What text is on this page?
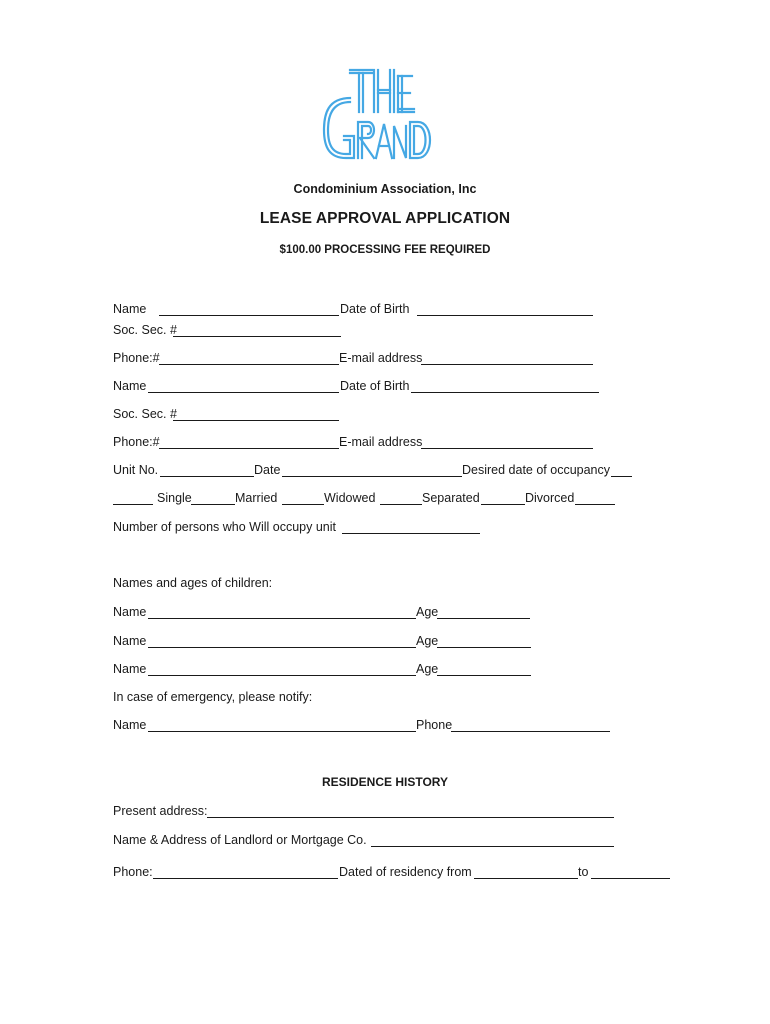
Condominium Association, Inc
LEASE APPROVAL APPLICATION
$100.00 PROCESSING FEE REQUIRED
Name	Date of Birth
Soc. Sec. #
Phone:#	E-mail address
Name	Date of Birth
Soc. Sec. #
Phone:#	E-mail address
Unit No.	Date	Desired date of occupancy
Single	Married	Widowed	Separated	Divorced
Number of persons who Will occupy unit
Names and ages of children:
Name	Age
Name	Age
Name	Age
In case of emergency, please notify:
Name	Phone
RESIDENCE HISTORY
Present address:
Name & Address of Landlord or Mortgage Co.
Phone:	Dated of residency from	to
